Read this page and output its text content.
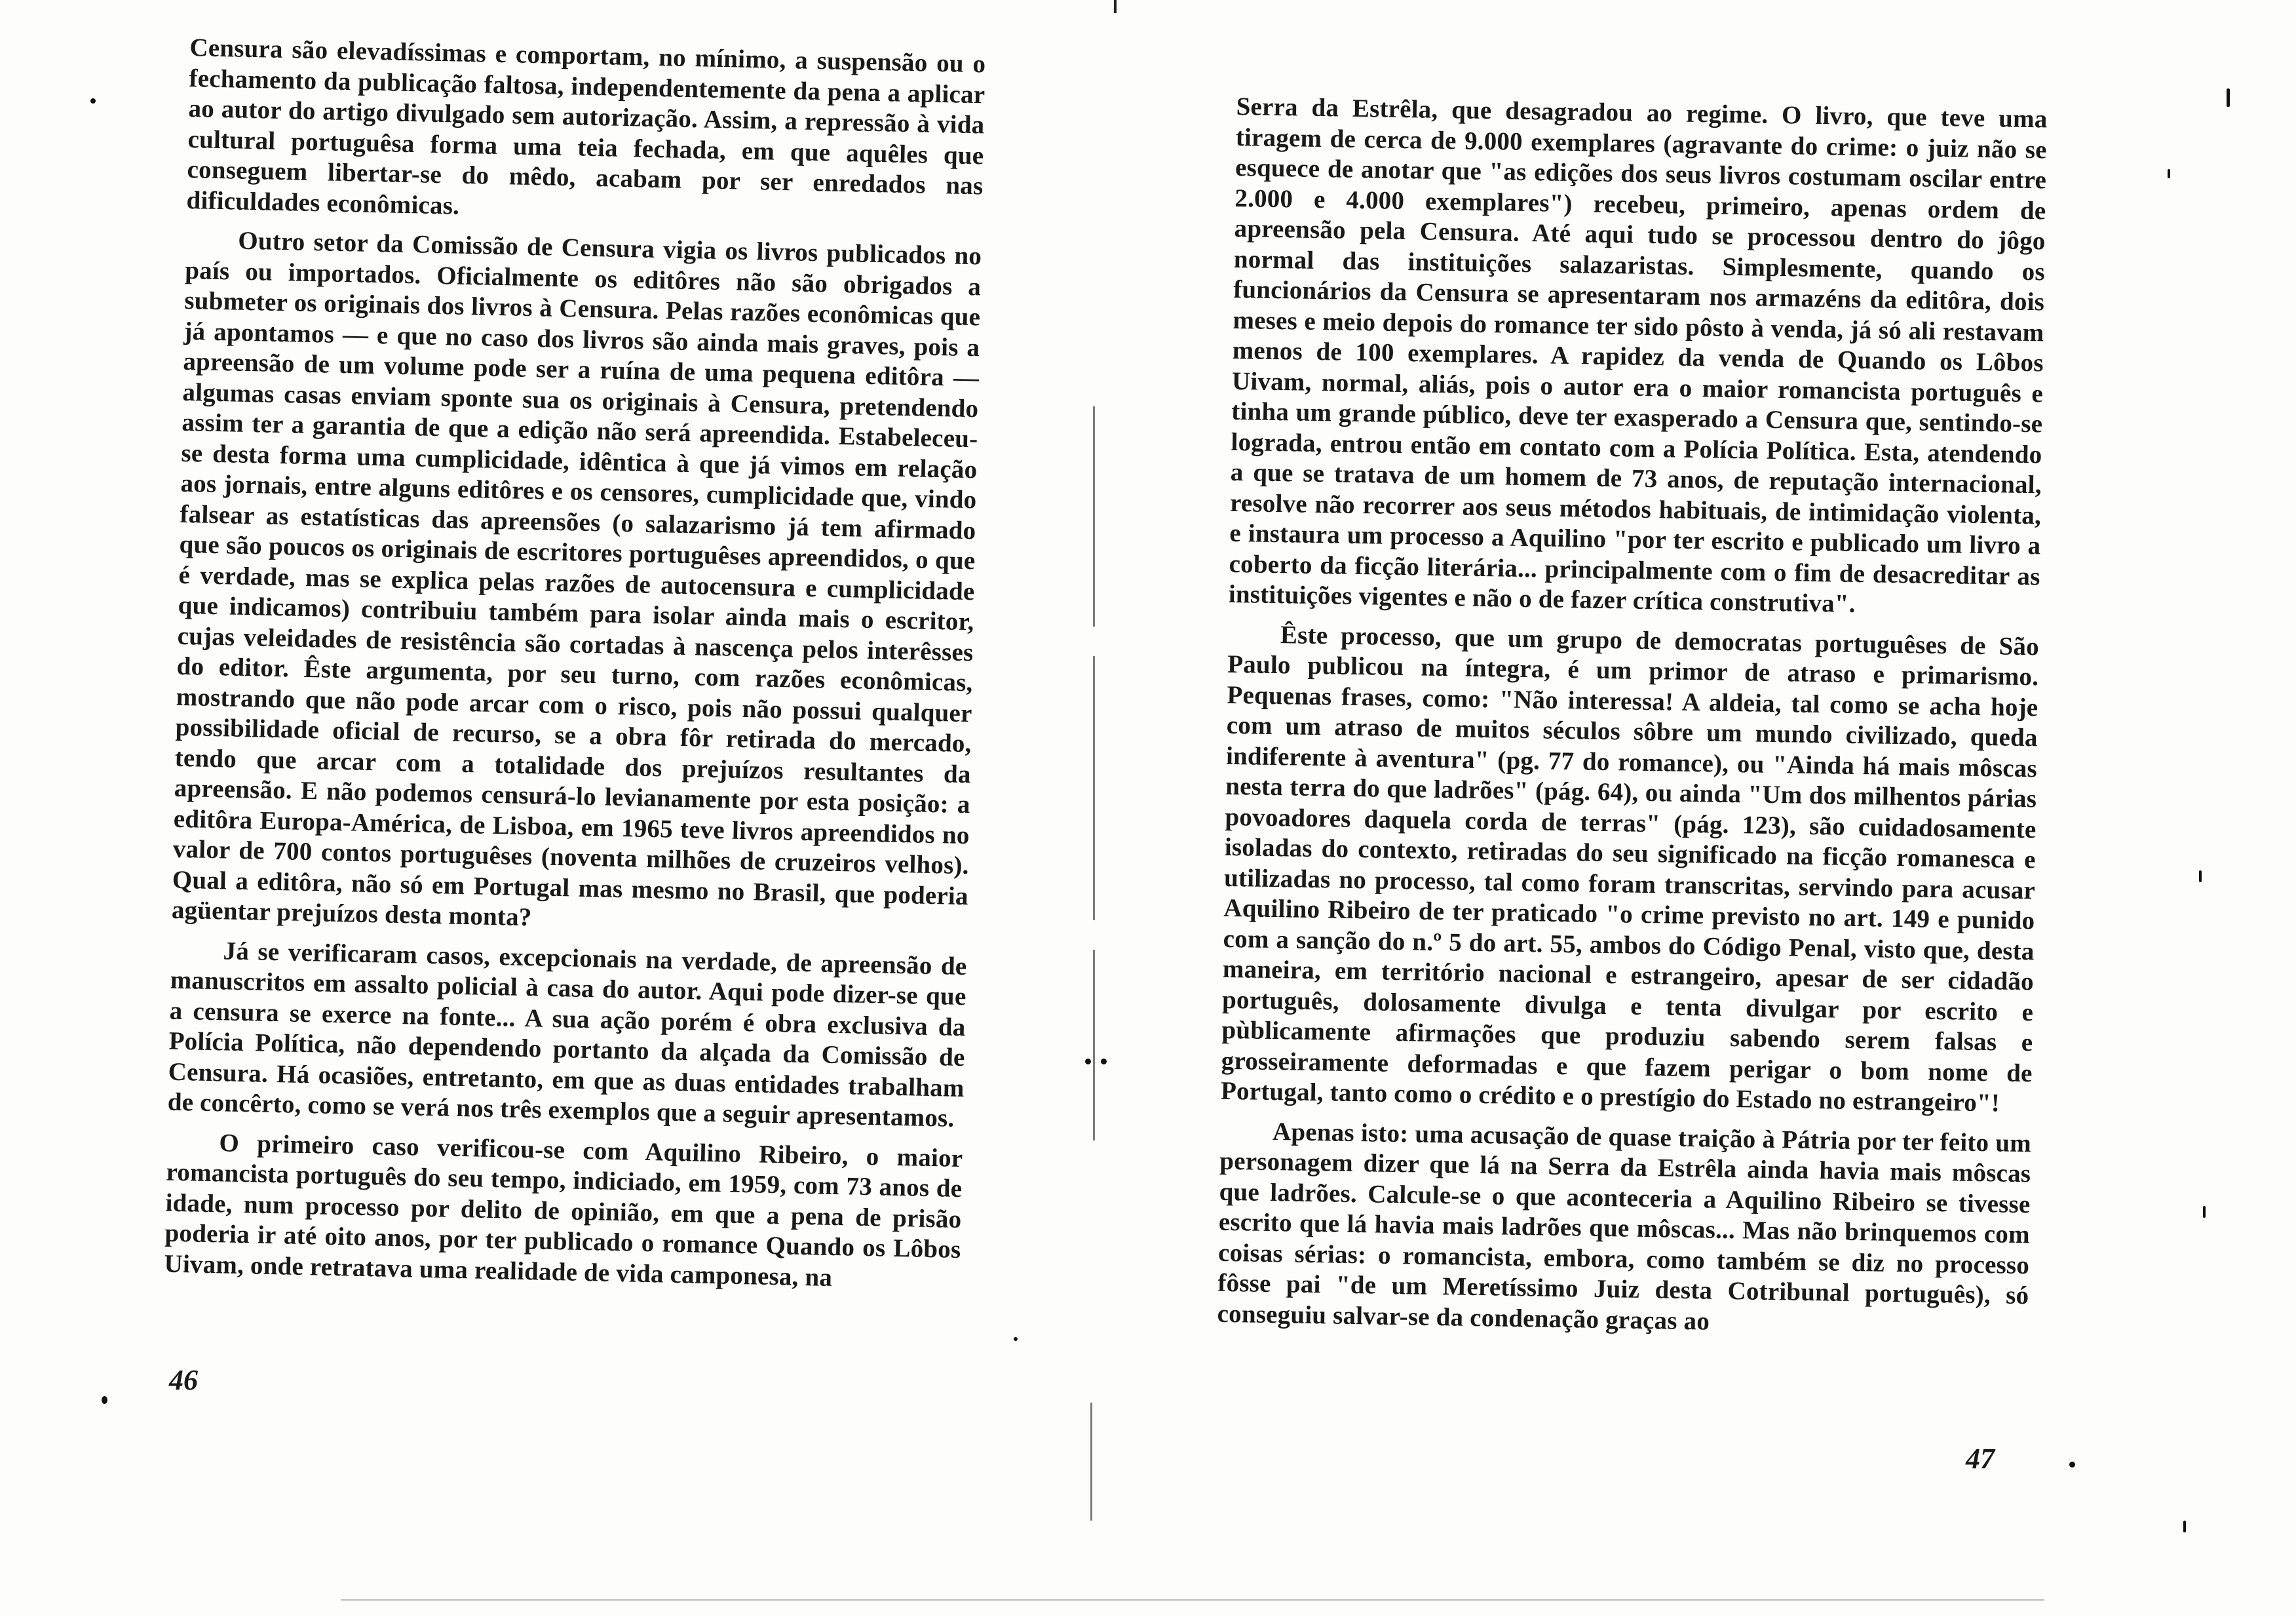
Censura são elevadíssimas e comportam, no mínimo, a suspensão ou o fechamento da publicação faltosa, independentemente da pena a aplicar ao autor do artigo divulgado sem autorização. Assim, a repressão à vida cultural portuguêsa forma uma teia fechada, em que aquêles que conseguem libertar-se do mêdo, acabam por ser enredados nas dificuldades econômicas.

Outro setor da Comissão de Censura vigia os livros publicados no país ou importados. Oficialmente os editôres não são obrigados a submeter os originais dos livros à Censura. Pelas razões econômicas que já apontamos — e que no caso dos livros são ainda mais graves, pois a apreensão de um volume pode ser a ruína de uma pequena editôra — algumas casas enviam sponte sua os originais à Censura, pretendendo assim ter a garantia de que a edição não será apreendida. Estabeleceu-se desta forma uma cumplicidade, idêntica à que já vimos em relação aos jornais, entre alguns editôres e os censores, cumplicidade que, vindo falsear as estatísticas das apreensões (o salazarismo já tem afirmado que são poucos os originais de escritores portuguêses apreendidos, o que é verdade, mas se explica pelas razões de autocensura e cumplicidade que indicamos) contribuiu também para isolar ainda mais o escritor, cujas veleidades de resistência são cortadas à nascença pelos interêsses do editor. Êste argumenta, por seu turno, com razões econômicas, mostrando que não pode arcar com o risco, pois não possui qualquer possibilidade oficial de recurso, se a obra fôr retirada do mercado, tendo que arcar com a totalidade dos prejuízos resultantes da apreensão. E não podemos censurá-lo levianamente por esta posição: a editôra Europa-América, de Lisboa, em 1965 teve livros apreendidos no valor de 700 contos portuguêses (noventa milhões de cruzeiros velhos). Qual a editôra, não só em Portugal mas mesmo no Brasil, que poderia agüentar prejuízos desta monta?

Já se verificaram casos, excepcionais na verdade, de apreensão de manuscritos em assalto policial à casa do autor. Aqui pode dizer-se que a censura se exerce na fonte... A sua ação porém é obra exclusiva da Polícia Política, não dependendo portanto da alçada da Comissão de Censura. Há ocasiões, entretanto, em que as duas entidades trabalham de concêrto, como se verá nos três exemplos que a seguir apresentamos.

O primeiro caso verificou-se com Aquilino Ribeiro, o maior romancista português do seu tempo, indiciado, em 1959, com 73 anos de idade, num processo por delito de opinião, em que a pena de prisão poderia ir até oito anos, por ter publicado o romance Quando os Lôbos Uivam, onde retratava uma realidade de vida camponesa, na

Serra da Estrêla, que desagradou ao regime. O livro, que teve uma tiragem de cerca de 9.000 exemplares (agravante do crime: o juiz não se esquece de anotar que "as edições dos seus livros costumam oscilar entre 2.000 e 4.000 exemplares") recebeu, primeiro, apenas ordem de apreensão pela Censura. Até aqui tudo se processou dentro do jôgo normal das instituições salazaristas. Simplesmente, quando os funcionários da Censura se apresentaram nos armazéns da editôra, dois meses e meio depois do romance ter sido pôsto à venda, já só ali restavam menos de 100 exemplares. A rapidez da venda de Quando os Lôbos Uivam, normal, aliás, pois o autor era o maior romancista português e tinha um grande público, deve ter exasperado a Censura que, sentindo-se lograda, entrou então em contato com a Polícia Política. Esta, atendendo a que se tratava de um homem de 73 anos, de reputação internacional, resolve não recorrer aos seus métodos habituais, de intimidação violenta, e instaura um processo a Aquilino "por ter escrito e publicado um livro a coberto da ficção literária... principalmente com o fim de desacreditar as instituições vigentes e não o de fazer crítica construtiva".

Êste processo, que um grupo de democratas portuguêses de São Paulo publicou na íntegra, é um primor de atraso e primarismo. Pequenas frases, como: "Não interessa! A aldeia, tal como se acha hoje com um atraso de muitos séculos sôbre um mundo civilizado, queda indiferente à aventura" (pg. 77 do romance), ou "Ainda há mais môscas nesta terra do que ladrões" (pág. 64), ou ainda "Um dos milhentos párias povoadores daquela corda de terras" (pág. 123), são cuidadosamente isoladas do contexto, retiradas do seu significado na ficção romanesca e utilizadas no processo, tal como foram transcritas, servindo para acusar Aquilino Ribeiro de ter praticado "o crime previsto no art. 149 e punido com a sanção do n.º 5 do art. 55, ambos do Código Penal, visto que, desta maneira, em território nacional e estrangeiro, apesar de ser cidadão português, dolosamente divulga e tenta divulgar por escrito e pùblicamente afirmações que produziu sabendo serem falsas e grosseiramente deformadas e que fazem perigar o bom nome de Portugal, tanto como o crédito e o prestígio do Estado no estrangeiro"!

Apenas isto: uma acusação de quase traição à Pátria por ter feito um personagem dizer que lá na Serra da Estrêla ainda havia mais môscas que ladrões. Calcule-se o que aconteceria a Aquilino Ribeiro se tivesse escrito que lá havia mais ladrões que môscas... Mas não brinquemos com coisas sérias: o romancista, embora, como também se diz no processo fôsse pai "de um Meretíssimo Juiz desta Cotribunal português), só conseguiu salvar-se da condenação graças ao

46
47
